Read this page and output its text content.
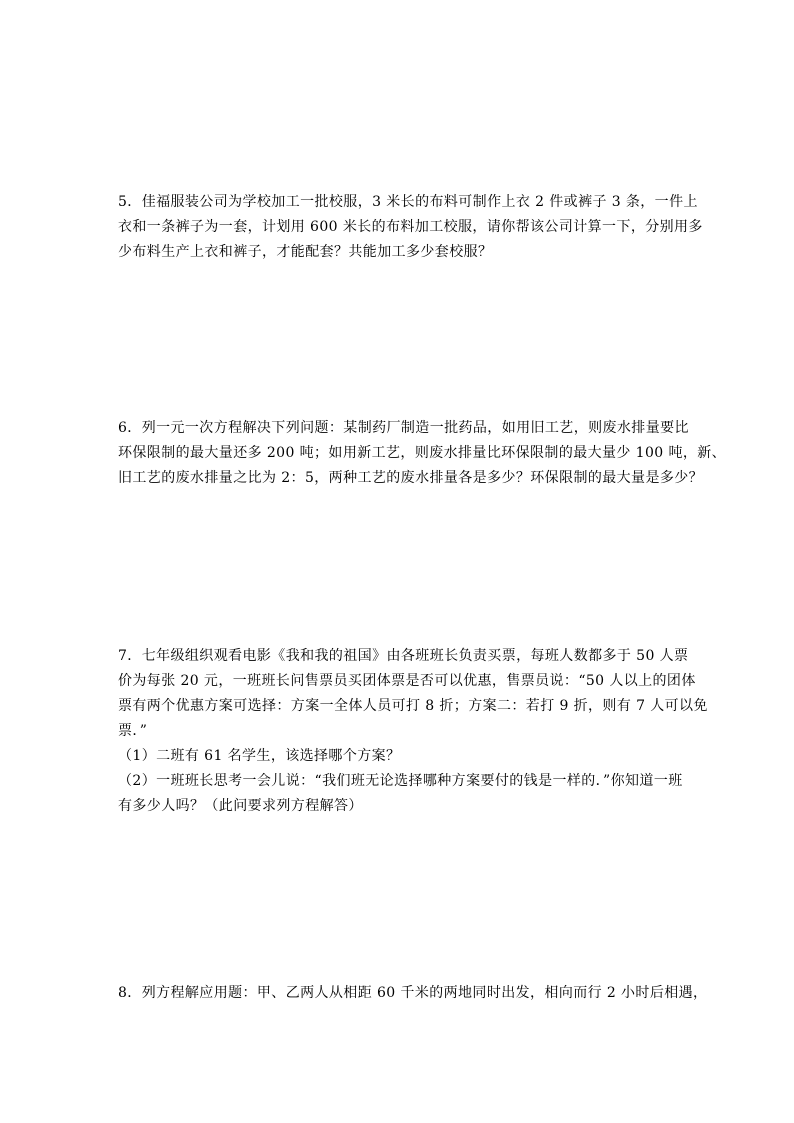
5．佳福服装公司为学校加工一批校服，3 米长的布料可制作上衣 2 件或裤子 3 条，一件上
衣和一条裤子为一套，计划用 600 米长的布料加工校服，请你帮该公司计算一下，分别用多
少布料生产上衣和裤子，才能配套？共能加工多少套校服？
6．列一元一次方程解决下列问题：某制药厂制造一批药品，如用旧工艺，则废水排量要比
环保限制的最大量还多 200 吨；如用新工艺，则废水排量比环保限制的最大量少 100 吨，新、
旧工艺的废水排量之比为 2：5，两种工艺的废水排量各是多少？环保限制的最大量是多少？
7．七年级组织观看电影《我和我的祖国》由各班班长负责买票，每班人数都多于 50 人票
价为每张 20 元，一班班长问售票员买团体票是否可以优惠，售票员说：“50 人以上的团体
票有两个优惠方案可选择：方案一全体人员可打 8 折；方案二：若打 9 折，则有 7 人可以免
票．”
（1）二班有 61 名学生，该选择哪个方案？
（2）一班班长思考一会儿说：“我们班无论选择哪种方案要付的钱是一样的．”你知道一班
有多少人吗？（此问要求列方程解答）
8．列方程解应用题：甲、乙两人从相距 60 千米的两地同时出发，相向而行 2 小时后相遇，
